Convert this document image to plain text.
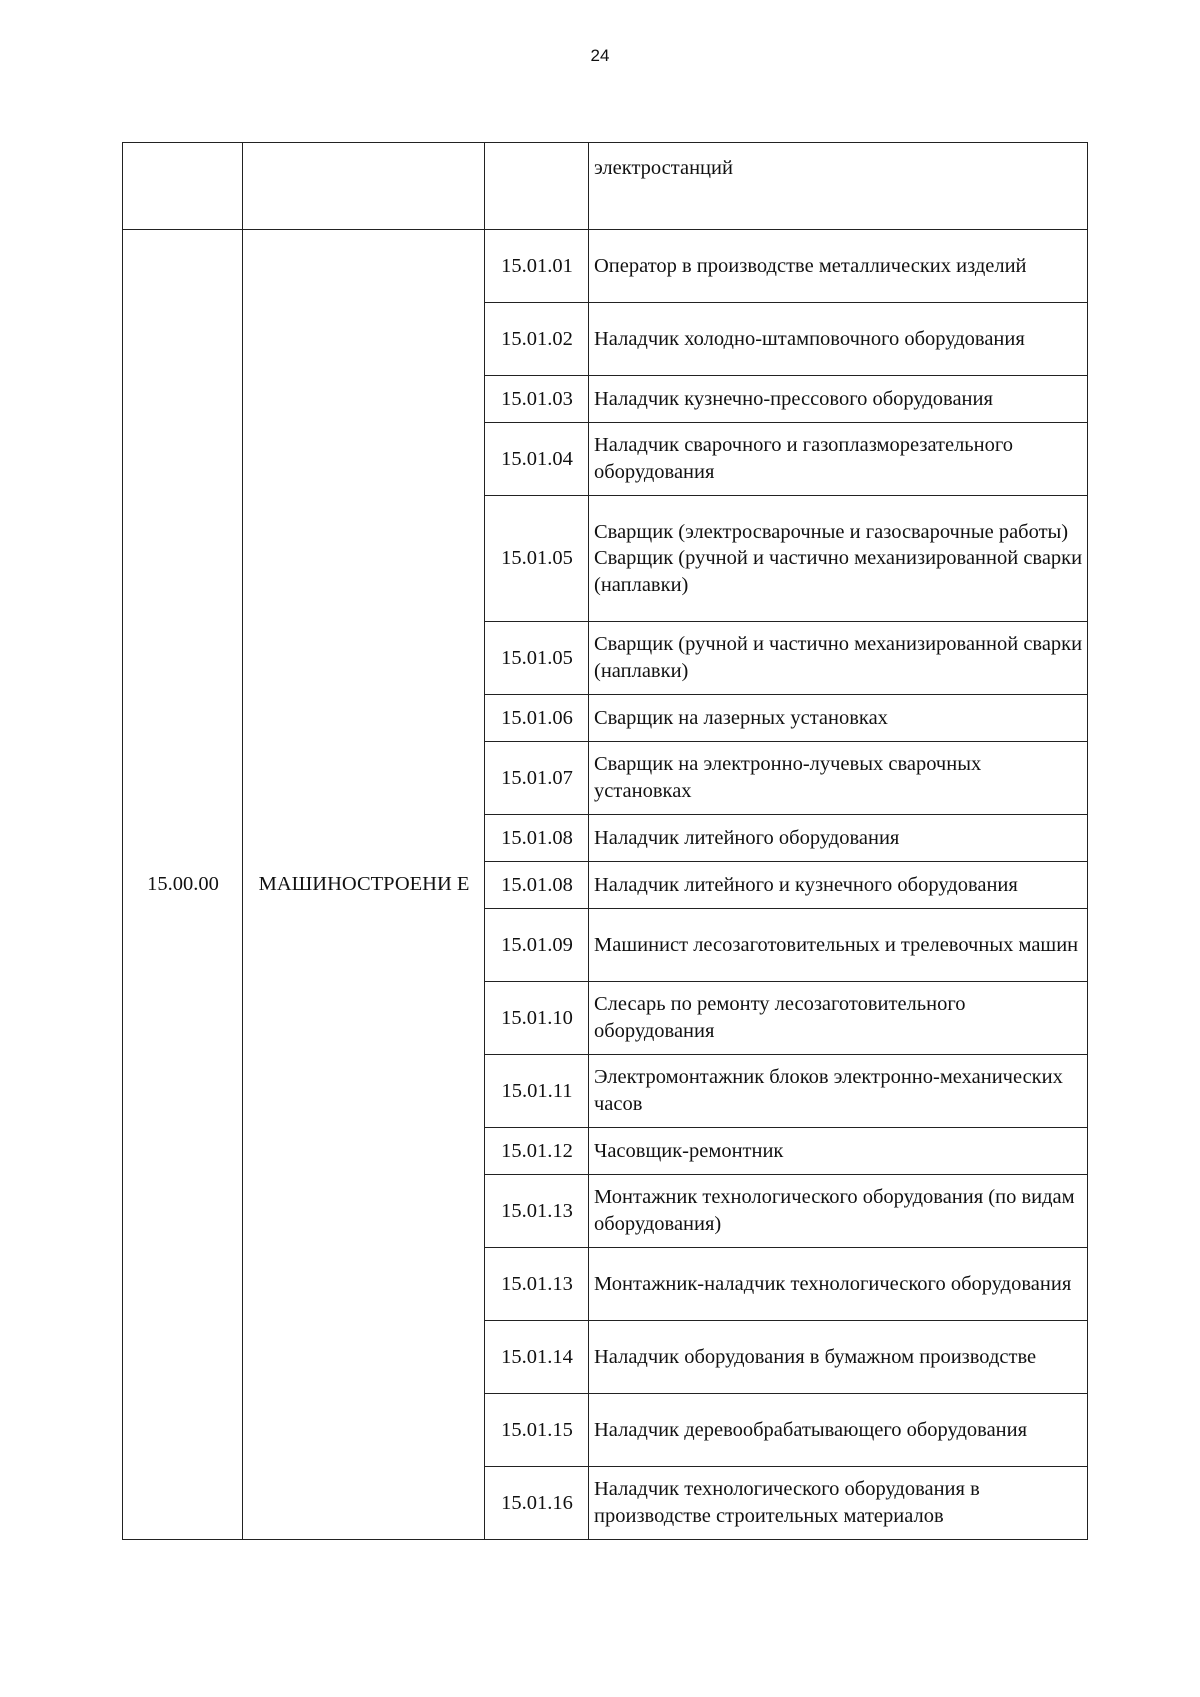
24
			электростанций
15.00.00	МАШИНОСТРОЕНИ Е	15.01.01	Оператор в производстве металлических изделий
		15.01.02	Наладчик холодно-штамповочного оборудования
		15.01.03	Наладчик кузнечно-прессового оборудования
		15.01.04	Наладчик сварочного и газоплазморезательного оборудования
		15.01.05	Сварщик (электросварочные и газосварочные работы)
Сварщик (ручной и частично механизированной сварки (наплавки)

		15.01.05	Сварщик (ручной и частично механизированной сварки (наплавки)
		15.01.06	Сварщик на лазерных установках
		15.01.07	Сварщик на электронно-лучевых сварочных установках
		15.01.08	Наладчик литейного оборудования
		15.01.08	Наладчик литейного и кузнечного оборудования
		15.01.09	Машинист лесозаготовительных и трелевочных машин
		15.01.10	Слесарь по ремонту лесозаготовительного оборудования
		15.01.11	Электромонтажник блоков электронно-механических часов
		15.01.12	Часовщик-ремонтник
		15.01.13	Монтажник технологического оборудования (по видам оборудования)
		15.01.13	Монтажник-наладчик технологического оборудования
		15.01.14	Наладчик оборудования в бумажном производстве
		15.01.15	Наладчик деревообрабатывающего оборудования
		15.01.16	Наладчик технологического оборудования в производстве строительных материалов
